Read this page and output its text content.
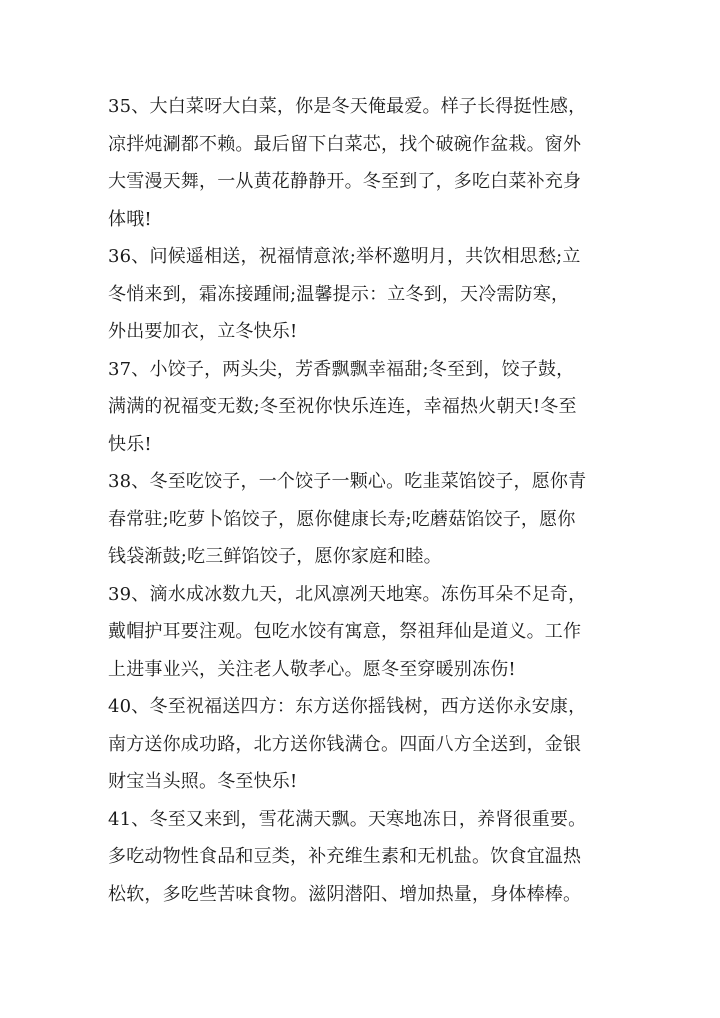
35、大白菜呀大白菜，你是冬天俺最爱。样子长得挺性感，
凉拌炖涮都不赖。最后留下白菜芯，找个破碗作盆栽。窗外
大雪漫天舞，一从黄花静静开。冬至到了，多吃白菜补充身
体哦!
36、问候遥相送，祝福情意浓;举杯邀明月，共饮相思愁;立
冬悄来到，霜冻接踵闹;温馨提示：立冬到，天冷需防寒，
外出要加衣，立冬快乐!
37、小饺子，两头尖，芳香飘飘幸福甜;冬至到，饺子鼓，
满满的祝福变无数;冬至祝你快乐连连，幸福热火朝天!冬至
快乐!
38、冬至吃饺子，一个饺子一颗心。吃韭菜馅饺子，愿你青
春常驻;吃萝卜馅饺子，愿你健康长寿;吃蘑菇馅饺子，愿你
钱袋渐鼓;吃三鲜馅饺子，愿你家庭和睦。
39、滴水成冰数九天，北风凛冽天地寒。冻伤耳朵不足奇，
戴帽护耳要注观。包吃水饺有寓意，祭祖拜仙是道义。工作
上进事业兴，关注老人敬孝心。愿冬至穿暖别冻伤!
40、冬至祝福送四方：东方送你摇钱树，西方送你永安康，
南方送你成功路，北方送你钱满仓。四面八方全送到，金银
财宝当头照。冬至快乐!
41、冬至又来到，雪花满天飘。天寒地冻日，养肾很重要。
多吃动物性食品和豆类，补充维生素和无机盐。饮食宜温热
松软，多吃些苦味食物。滋阴潜阳、增加热量，身体棒棒。
